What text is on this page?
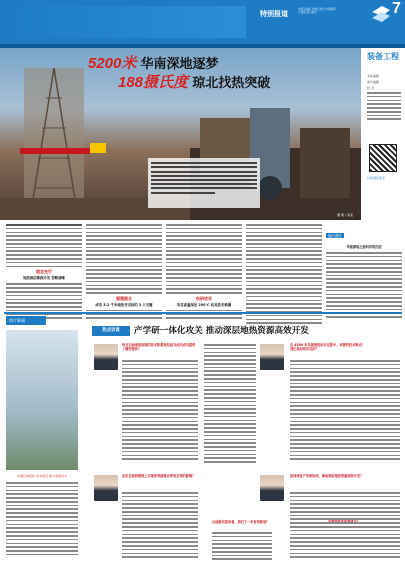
特别报道
中国石油报 中国石化报 中国海洋石油报 联合推出	7
5200米 华南深地逐梦
188摄氏度 琼北找热突破
摄 图 / 某某
装备工程
本版编辑
美术编辑
校 对
扫码阅读更多
理念先行
地热深层勘探开发 思路清晰
强强联合
成功 5.2 千米地热井完钻的 3 大关键
科研攻关
攻克高温深层 200℃ 机具技术难题
编后漫谈
华南深地之旅科学的沉淀
图片新闻
热点访谈	产学研一体化攻关 推动深层地热资源高效开发
中国石油报社 学术前沿 助力高效攻关
华北石油地热钻探的技术积累和经验为此次成功提供了哪些帮助？
在 4500 米以深地热钻井过程中，有哪些技术难点？我们是如何攻克的？
此次在地热勘探上实现的突破将会带来怎样的影响？	如何深化产学研协同，推动深层地热资源高效开发？
从创新实践来看，我们下一步有何规划？
